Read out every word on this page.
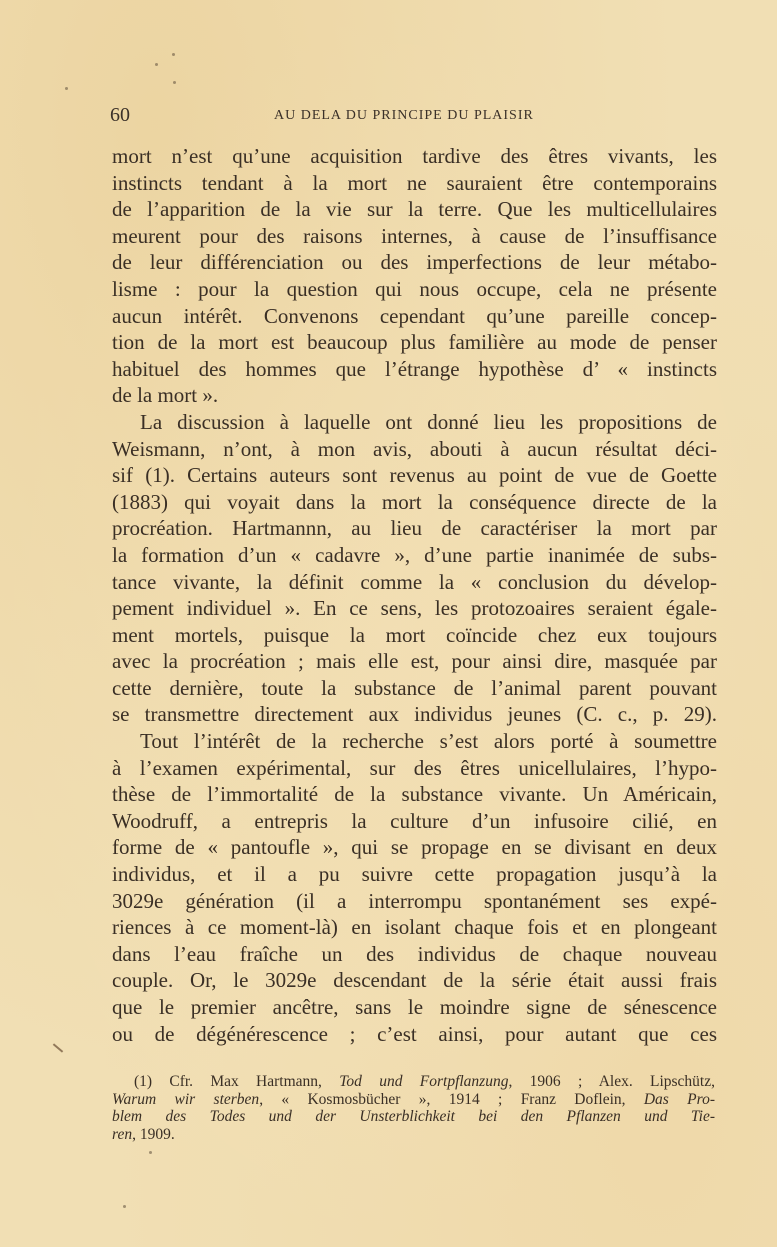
60	AU DELA DU PRINCIPE DU PLAISIR
mort n’est qu’une acquisition tardive des êtres vivants, les
instincts tendant à la mort ne sauraient être contemporains
de l’apparition de la vie sur la terre. Que les multicellulaires
meurent pour des raisons internes, à cause de l’insuffisance
de leur différenciation ou des imperfections de leur métabo-
lisme : pour la question qui nous occupe, cela ne présente
aucun intérêt. Convenons cependant qu’une pareille concep-
tion de la mort est beaucoup plus familière au mode de penser
habituel des hommes que l’étrange hypothèse d’ « instincts
de la mort ».
La discussion à laquelle ont donné lieu les propositions de
Weismann, n’ont, à mon avis, abouti à aucun résultat déci-
sif (1). Certains auteurs sont revenus au point de vue de Goette
(1883) qui voyait dans la mort la conséquence directe de la
procréation. Hartmannn, au lieu de caractériser la mort par
la formation d’un « cadavre », d’une partie inanimée de subs-
tance vivante, la définit comme la « conclusion du dévelop-
pement individuel ». En ce sens, les protozoaires seraient égale-
ment mortels, puisque la mort coïncide chez eux toujours
avec la procréation ; mais elle est, pour ainsi dire, masquée par
cette dernière, toute la substance de l’animal parent pouvant
se transmettre directement aux individus jeunes (C. c., p. 29).
Tout l’intérêt de la recherche s’est alors porté à soumettre
à l’examen expérimental, sur des êtres unicellulaires, l’hypo-
thèse de l’immortalité de la substance vivante. Un Américain,
Woodruff, a entrepris la culture d’un infusoire cilié, en
forme de « pantoufle », qui se propage en se divisant en deux
individus, et il a pu suivre cette propagation jusqu’à la
3029e génération (il a interrompu spontanément ses expé-
riences à ce moment-là) en isolant chaque fois et en plongeant
dans l’eau fraîche un des individus de chaque nouveau
couple. Or, le 3029e descendant de la série était aussi frais
que le premier ancêtre, sans le moindre signe de sénescence
ou de dégénérescence ; c’est ainsi, pour autant que ces
(1) Cfr. Max Hartmann, Tod und Fortpflanzung, 1906 ; Alex. Lipschütz,
Warum wir sterben, « Kosmosbücher », 1914 ; Franz Doflein, Das Pro-
blem des Todes und der Unsterblichkeit bei den Pflanzen und Tie-
ren, 1909.
